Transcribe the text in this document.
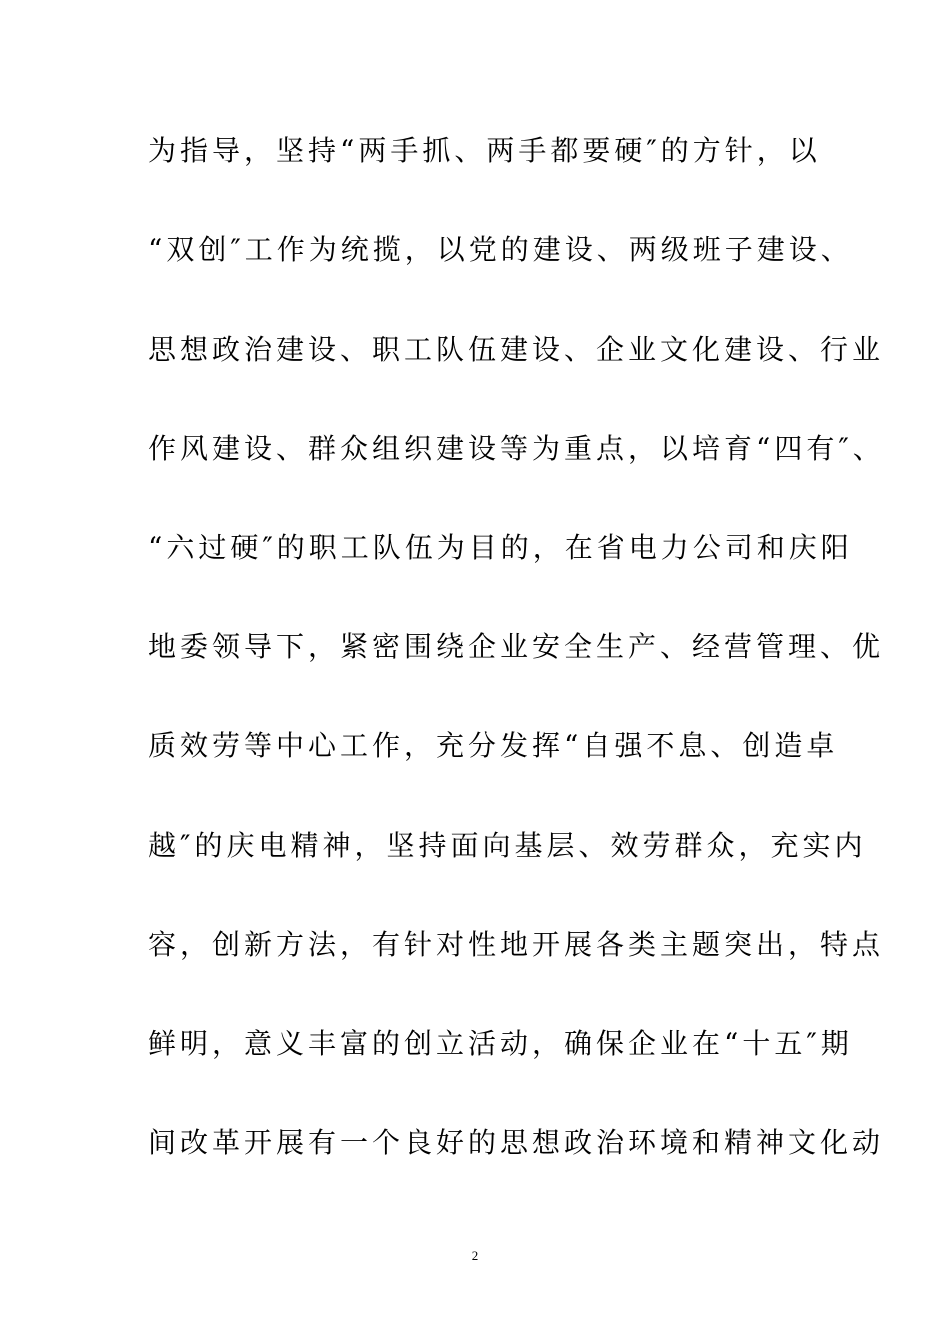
为指导，坚持“两手抓、两手都要硬″的方针，以

“双创″工作为统揽，以党的建设、两级班子建设、

思想政治建设、职工队伍建设、企业文化建设、行业

作风建设、群众组织建设等为重点，以培育“四有″、

“六过硬″的职工队伍为目的，在省电力公司和庆阳

地委领导下，紧密围绕企业安全生产、经营管理、优

质效劳等中心工作，充分发挥“自强不息、创造卓

越″的庆电精神，坚持面向基层、效劳群众，充实内

容，创新方法，有针对性地开展各类主题突出，特点

鲜明，意义丰富的创立活动，确保企业在“十五″期

间改革开展有一个良好的思想政治环境和精神文化动

2
